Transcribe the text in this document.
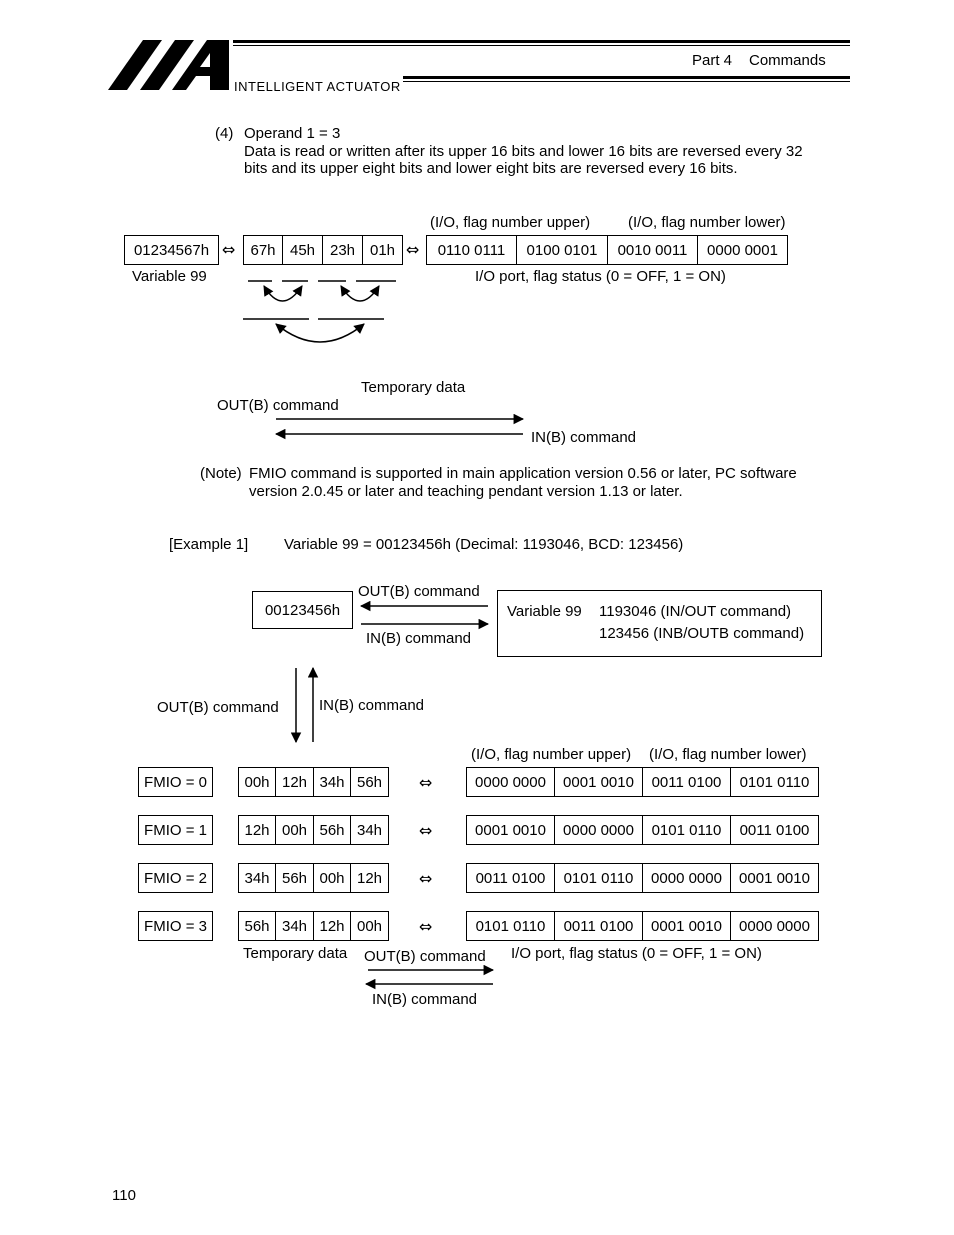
INTELLIGENT ACTUATOR
Part 4 Commands
(4) Operand 1 = 3
Data is read or written after its upper 16 bits and lower 16 bits are reversed every 32
bits and its upper eight bits and lower eight bits are reversed every 16 bits.
(I/O, flag number upper)	(I/O, flag number lower)
01234567h ⇔	67h 45h 23h 01h ⇔	0110 0111	0100 0101	0010 0011	0000 0001
Variable 99	I/O port, flag status (0 = OFF, 1 = ON)
Temporary data
OUT(B) command
IN(B) command
(Note) FMIO command is supported in main application version 0.56 or later, PC software
version 2.0.45 or later and teaching pendant version 1.13 or later.
[Example 1] Variable 99 = 00123456h (Decimal: 1193046, BCD: 123456)
00123456h
OUT(B) command
IN(B) command
Variable 99 1193046 (IN/OUT command)
123456 (INB/OUTB command)
OUT(B) command	IN(B) command
(I/O, flag number upper) (I/O, flag number lower)
FMIO = 0	00h 12h 34h 56h	⇔	0000 0000	0001 0010	0011 0100	0101 0110
FMIO = 1	12h 00h 56h 34h	⇔	0001 0010	0000 0000	0101 0110	0011 0100
FMIO = 2	34h 56h 00h 12h	⇔	0011 0100	0101 0110	0000 0000	0001 0010
FMIO = 3	56h 34h 12h 00h	⇔	0101 0110	0011 0100	0001 0010	0000 0000
Temporary data OUT(B) command I/O port, flag status (0 = OFF, 1 = ON)
IN(B) command
110
